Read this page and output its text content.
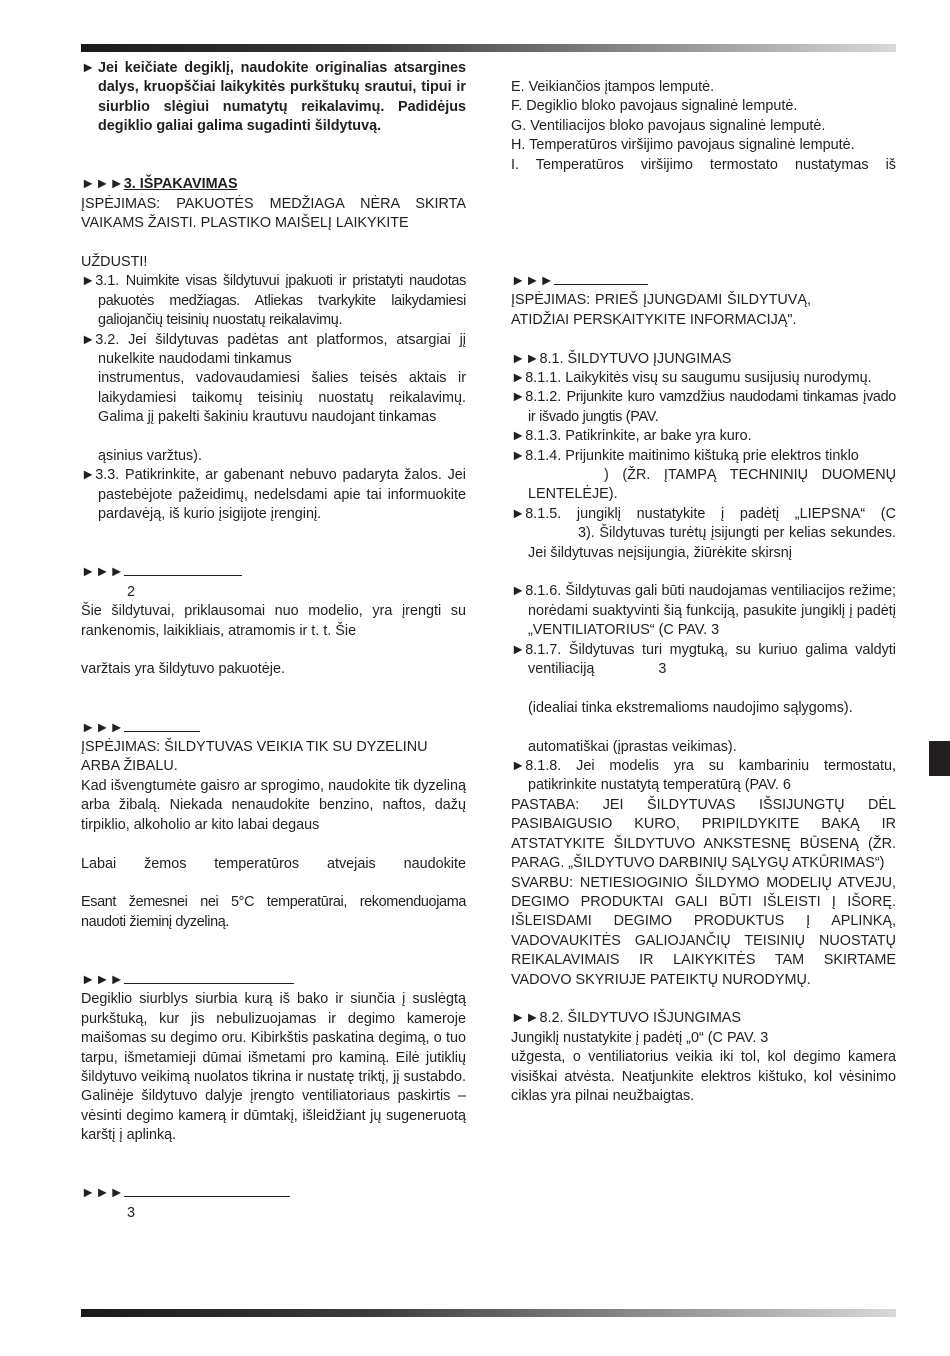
► Jei keičiate degiklį, naudokite originalias atsargines dalys, kruopščiai laikykitės purkštukų srautui, tipui ir siurblio slėgiui numatytų reikalavimų. Padidėjus degiklio galiai galima sugadinti šildytuvą.

►►►3. IŠPAKAVIMAS

ĮSPĖJIMAS: PAKUOTĖS MEDŽIAGA NĖRA SKIRTA VAIKAMS ŽAISTI. PLASTIKO MAIŠELĮ LAIKYKITE

UŽDUSTI!

►3.1. Nuimkite visas šildytuvui įpakuoti ir pristatyti naudotas pakuotės medžiagas. Atliekas tvarkykite laikydamiesi galiojančių teisinių nuostatų reikalavimų.

►3.2. Jei šildytuvas padėtas ant platformos, atsargiai jį nukelkite naudodami tinkamus

instrumentus, vadovaudamiesi šalies teisės aktais ir laikydamiesi taikomų teisinių nuostatų reikalavimų. Galima jį pakelti šakiniu krautuvu naudojant tinkamas

ąsinius varžtus).

►3.3. Patikrinkite, ar gabenant nebuvo padaryta žalos. Jei pastebėjote pažeidimų, nedelsdami apie tai informuokite pardavėją, iš kurio įsigijote įrenginį.

►►►

2

Šie šildytuvai, priklausomai nuo modelio, yra įrengti su rankenomis, laikikliais, atramomis ir t. t. Šie

varžtais yra šildytuvo pakuotėje.

►►►

ĮSPĖJIMAS: ŠILDYTUVAS VEIKIA TIK SU DYZELINU ARBA ŽIBALU.

Kad išvengtumėte gaisro ar sprogimo, naudokite tik dyzeliną arba žibalą. Niekada nenaudokite benzino, naftos, dažų tirpiklio, alkoholio ar kito labai degaus

Labai žemos temperatūros atvejais naudokite

Esant žemesnei nei 5°C temperatūrai, rekomenduojama naudoti žieminį dyzeliną.

►►►

Degiklio siurblys siurbia kurą iš bako ir siunčia į suslėgtą purkštuką, kur jis nebulizuojamas ir degimo kameroje maišomas su degimo oru. Kibirkštis paskatina degimą, o tuo tarpu, išmetamieji dūmai išmetami pro kaminą. Eilė jutiklių šildytuvo veikimą nuolatos tikrina ir nustatę triktį, jį sustabdo. Galinėje šildytuvo dalyje įrengto ventiliatoriaus paskirtis – vėsinti degimo kamerą ir dūmtakį, išleidžiant jų sugeneruotą karštį į aplinką.

►►►

3

E. Veikiančios įtampos lemputė.

F. Degiklio bloko pavojaus signalinė lemputė.

G. Ventiliacijos bloko pavojaus signalinė lemputė.

H. Temperatūros viršijimo pavojaus signalinė lemputė.

I. Temperatūros viršijimo termostato nustatymas iš

►►►

ĮSPĖJIMAS: PRIEŠ ĮJUNGDAMI ŠILDYTUVĄ, ATIDŽIAI PERSKAITYKITE INFORMACIJĄ".

►►8.1. ŠILDYTUVO ĮJUNGIMAS

►8.1.1. Laikykitės visų su saugumu susijusių nurodymų.

►8.1.2. Prijunkite kuro vamzdžius naudodami tinkamas įvado ir išvado jungtis (PAV.

►8.1.3. Patikrinkite, ar bake yra kuro.

►8.1.4. Prijunkite maitinimo kištuką prie elektros tinklo

) (ŽR. ĮTAMPĄ TECHNINIŲ DUOMENŲ LENTELĖJE).

►8.1.5. jungiklį nustatykite į padėtį „LIEPSNA“ (C

3). Šildytuvas turėtų įsijungti per kelias sekundes. Jei šildytuvas neįsijungia, žiūrėkite skirsnį

►8.1.6. Šildytuvas gali būti naudojamas ventiliacijos režime; norėdami suaktyvinti šią funkciją, pasukite jungiklį į padėtį „VENTILIATORIUS“ (C PAV. 3

►8.1.7. Šildytuvas turi mygtuką, su kuriuo galima valdyti ventiliaciją	3

(idealiai tinka ekstremalioms naudojimo sąlygoms).

automatiškai (įprastas veikimas).

►8.1.8. Jei modelis yra su kambariniu termostatu, patikrinkite nustatytą temperatūrą (PAV. 6

PASTABA: JEI ŠILDYTUVAS IŠSIJUNGTŲ DĖL PASIBAIGUSIO KURO, PRIPILDYKITE BAKĄ IR ATSTATYKITE ŠILDYTUVO ANKSTESNĘ BŪSENĄ (ŽR. PARAG. „ŠILDYTUVO DARBINIŲ SĄLYGŲ ATKŪRIMAS“)

SVARBU: NETIESIOGINIO ŠILDYMO MODELIŲ ATVEJU, DEGIMO PRODUKTAI GALI BŪTI IŠLEISTI Į IŠORĘ. IŠLEISDAMI DEGIMO PRODUKTUS Į APLINKĄ, VADOVAUKITĖS GALIOJANČIŲ TEISINIŲ NUOSTATŲ REIKALAVIMAIS IR LAIKYKITĖS TAM SKIRTAME VADOVO SKYRIUJE PATEIKTŲ NURODYMŲ.

►►8.2. ŠILDYTUVO IŠJUNGIMAS

Jungiklį nustatykite į padėtį „0“ (C PAV. 3

užgesta, o ventiliatorius veikia iki tol, kol degimo kamera visiškai atvėsta. Neatjunkite elektros kištuko, kol vėsinimo ciklas yra pilnai neužbaigtas.
